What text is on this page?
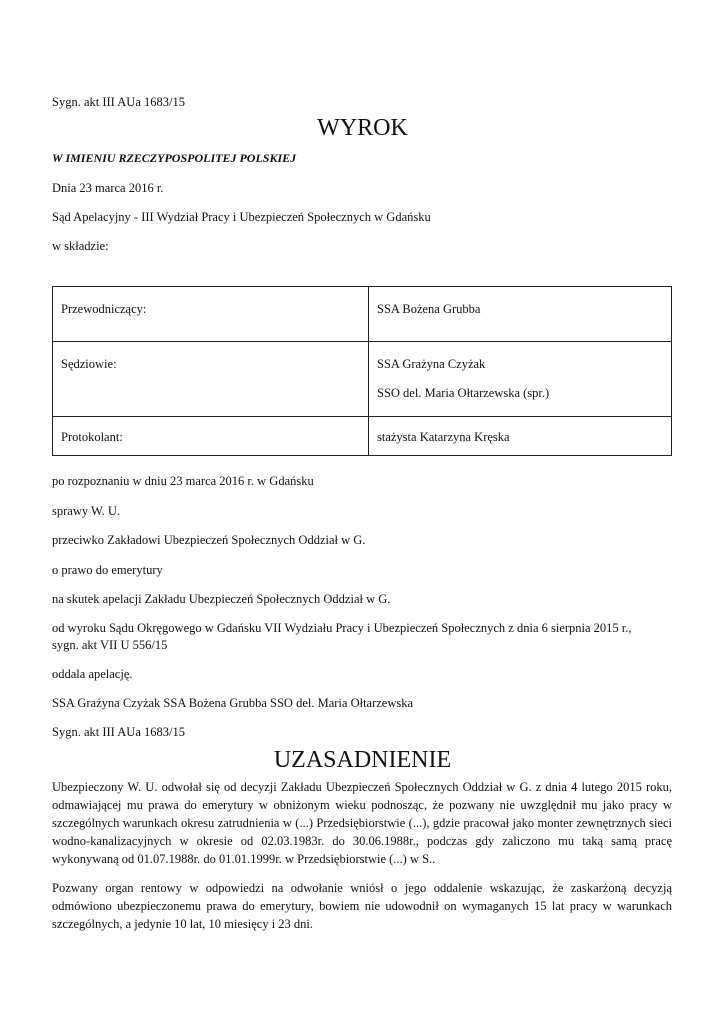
Sygn. akt III AUa 1683/15
WYROK
W IMIENIU RZECZYPOSPOLITEJ POLSKIEJ
Dnia 23 marca 2016 r.
Sąd Apelacyjny - III Wydział Pracy i Ubezpieczeń Społecznych w Gdańsku
w składzie:
Przewodniczący:	SSA Bożena Grubba

Sędziowie:	SSA Grażyna Czyżak
SSO del. Maria Ołtarzewska (spr.)

Protokolant:	stażysta Katarzyna Kręska
po rozpoznaniu w dniu 23 marca 2016 r. w Gdańsku
sprawy W. U.
przeciwko Zakładowi Ubezpieczeń Społecznych Oddział w G.
o prawo do emerytury
na skutek apelacji Zakładu Ubezpieczeń Społecznych Oddział w G.
od wyroku Sądu Okręgowego w Gdańsku VII Wydziału Pracy i Ubezpieczeń Społecznych z dnia 6 sierpnia 2015 r.,
sygn. akt VII U 556/15
oddala apelację.
SSA Grażyna Czyżak SSA Bożena Grubba SSO del. Maria Ołtarzewska
Sygn. akt III AUa 1683/15
UZASADNIENIE

Ubezpieczony W. U. odwołał się od decyzji Zakładu Ubezpieczeń Społecznych Oddział w G. z dnia 4 lutego 2015 roku, odmawiającej mu prawa do emerytury w obniżonym wieku podnosząc, że pozwany nie uwzględnił mu jako pracy w szczególnych warunkach okresu zatrudnienia w (...) Przedsiębiorstwie (...), gdzie pracował jako monter zewnętrznych sieci wodno-kanalizacyjnych w okresie od 02.03.1983r. do 30.06.1988r., podczas gdy zaliczono mu taką samą pracę wykonywaną od 01.07.1988r. do 01.01.1999r. w Przedsiębiorstwie (...) w S..

Pozwany organ rentowy w odpowiedzi na odwołanie wniósł o jego oddalenie wskazując, że zaskarżoną decyzją odmówiono ubezpieczonemu prawa do emerytury, bowiem nie udowodnił on wymaganych 15 lat pracy w warunkach szczególnych, a jedynie 10 lat, 10 miesięcy i 23 dni.
